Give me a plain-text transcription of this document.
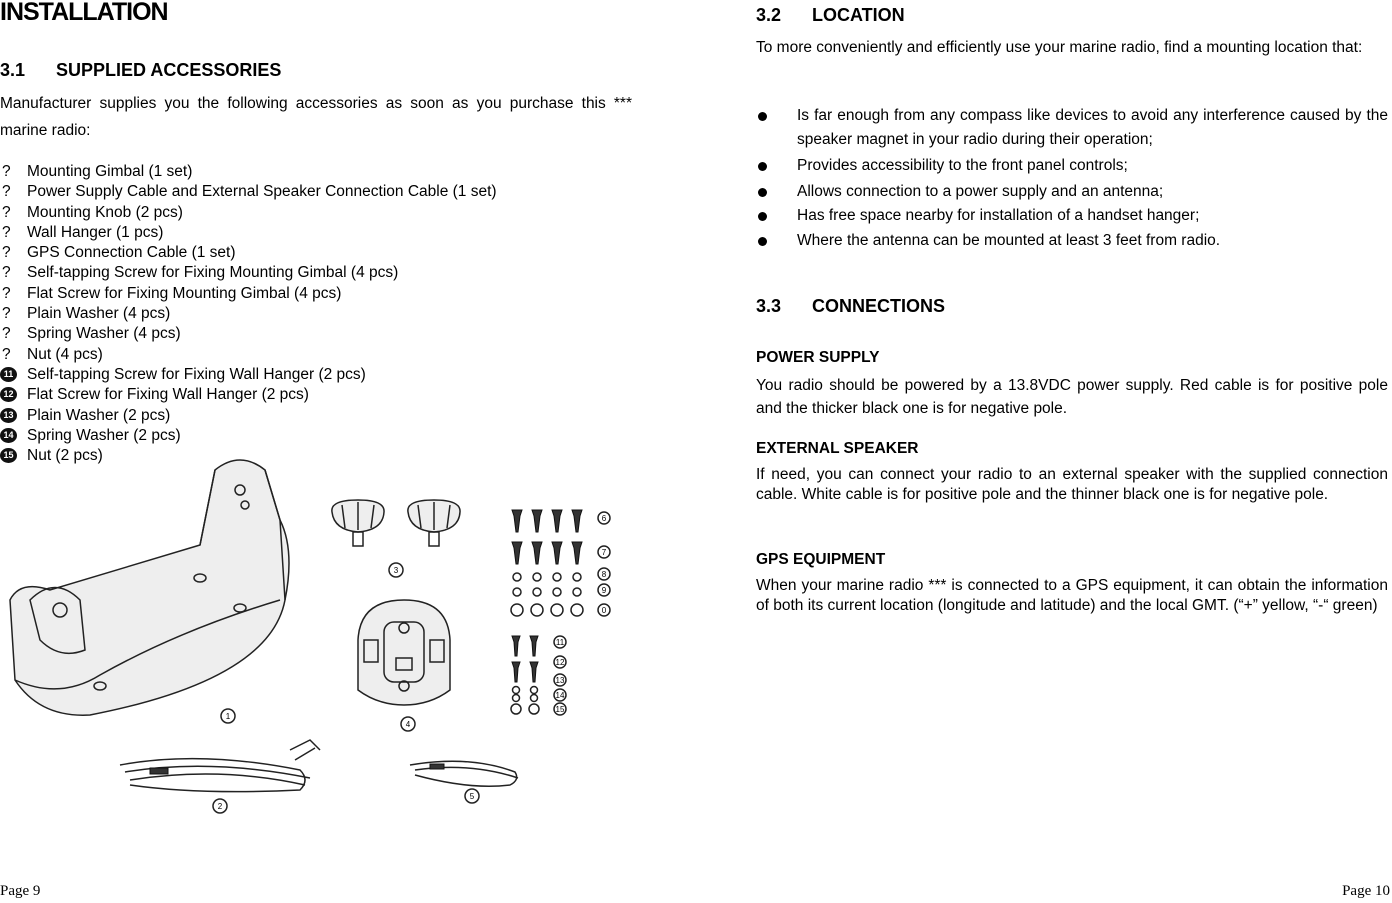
INSTALLATION
3.1 SUPPLIED ACCESSORIES

Manufacturer supplies you the following accessories as soon as you purchase this *** marine radio:

? Mounting Gimbal (1 set)
? Power Supply Cable and External Speaker Connection Cable (1 set)
? Mounting Knob (2 pcs)
? Wall Hanger (1 pcs)
? GPS Connection Cable (1 set)
? Self-tapping Screw for Fixing Mounting Gimbal (4 pcs)
? Flat Screw for Fixing Mounting Gimbal (4 pcs)
? Plain Washer (4 pcs)
? Spring Washer (4 pcs)
? Nut (4 pcs)
11 Self-tapping Screw for Fixing Wall Hanger (2 pcs)
12 Flat Screw for Fixing Wall Hanger (2 pcs)
13 Plain Washer (2 pcs)
14 Spring Washer (2 pcs)
15 Nut (2 pcs)
1
2
3
4
5
6
7
8
9
0
11
12
13
14
15
Page 9
3.2 LOCATION

To more conveniently and efficiently use your marine radio, find a mounting location that:

Is far enough from any compass like devices to avoid any interference caused by the speaker magnet in your radio during their operation;
Provides accessibility to the front panel controls;
Allows connection to a power supply and an antenna;
Has free space nearby for installation of a handset hanger;
Where the antenna can be mounted at least 3 feet from radio.
3.3 CONNECTIONS
POWER SUPPLY

You radio should be powered by a 13.8VDC power supply. Red cable is for positive pole and the thicker black one is for negative pole.

EXTERNAL SPEAKER

If need, you can connect your radio to an external speaker with the supplied connection cable. White cable is for positive pole and the thinner black one is for negative pole.

GPS EQUIPMENT

When your marine radio *** is connected to a GPS equipment, it can obtain the information of both its current location (longitude and latitude) and the local GMT. (“+” yellow, “-“ green)

Page 10
